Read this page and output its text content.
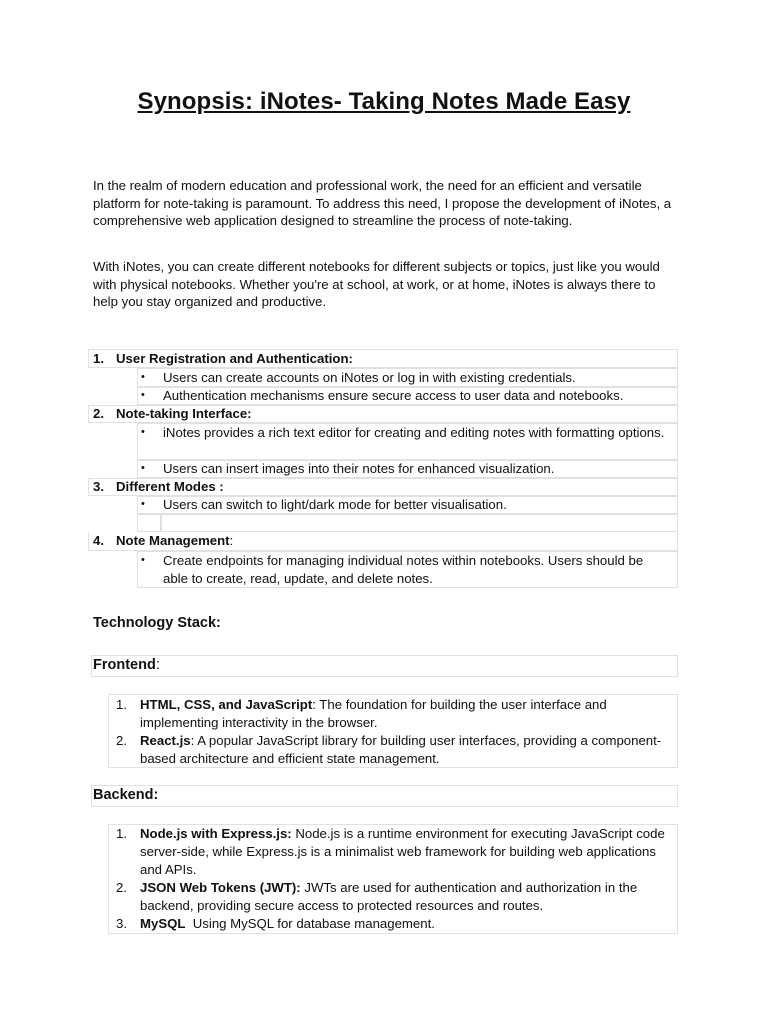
Synopsis: iNotes- Taking Notes Made Easy

In the realm of modern education and professional work, the need for an efficient and versatile platform for note-taking is paramount. To address this need, I propose the development of iNotes, a comprehensive web application designed to streamline the process of note-taking.

With iNotes, you can create different notebooks for different subjects or topics, just like you would with physical notebooks. Whether you're at school, at work, or at home, iNotes is always there to help you stay organized and productive.

1. User Registration and Authentication:
• Users can create accounts on iNotes or log in with existing credentials.
• Authentication mechanisms ensure secure access to user data and notebooks.
2. Note-taking Interface:
• iNotes provides a rich text editor for creating and editing notes with formatting options.
• Users can insert images into their notes for enhanced visualization.
3. Different Modes :
• Users can switch to light/dark mode for better visualisation.
4. Note Management:
• Create endpoints for managing individual notes within notebooks. Users should be able to create, read, update, and delete notes.
Technology Stack:
Frontend:
1. HTML, CSS, and JavaScript: The foundation for building the user interface and implementing interactivity in the browser.
2. React.js: A popular JavaScript library for building user interfaces, providing a component-based architecture and efficient state management.
Backend:
1. Node.js with Express.js: Node.js is a runtime environment for executing JavaScript code server-side, while Express.js is a minimalist web framework for building web applications and APIs.
2. JSON Web Tokens (JWT): JWTs are used for authentication and authorization in the backend, providing secure access to protected resources and routes.
3. MySQL  Using MySQL for database management.
